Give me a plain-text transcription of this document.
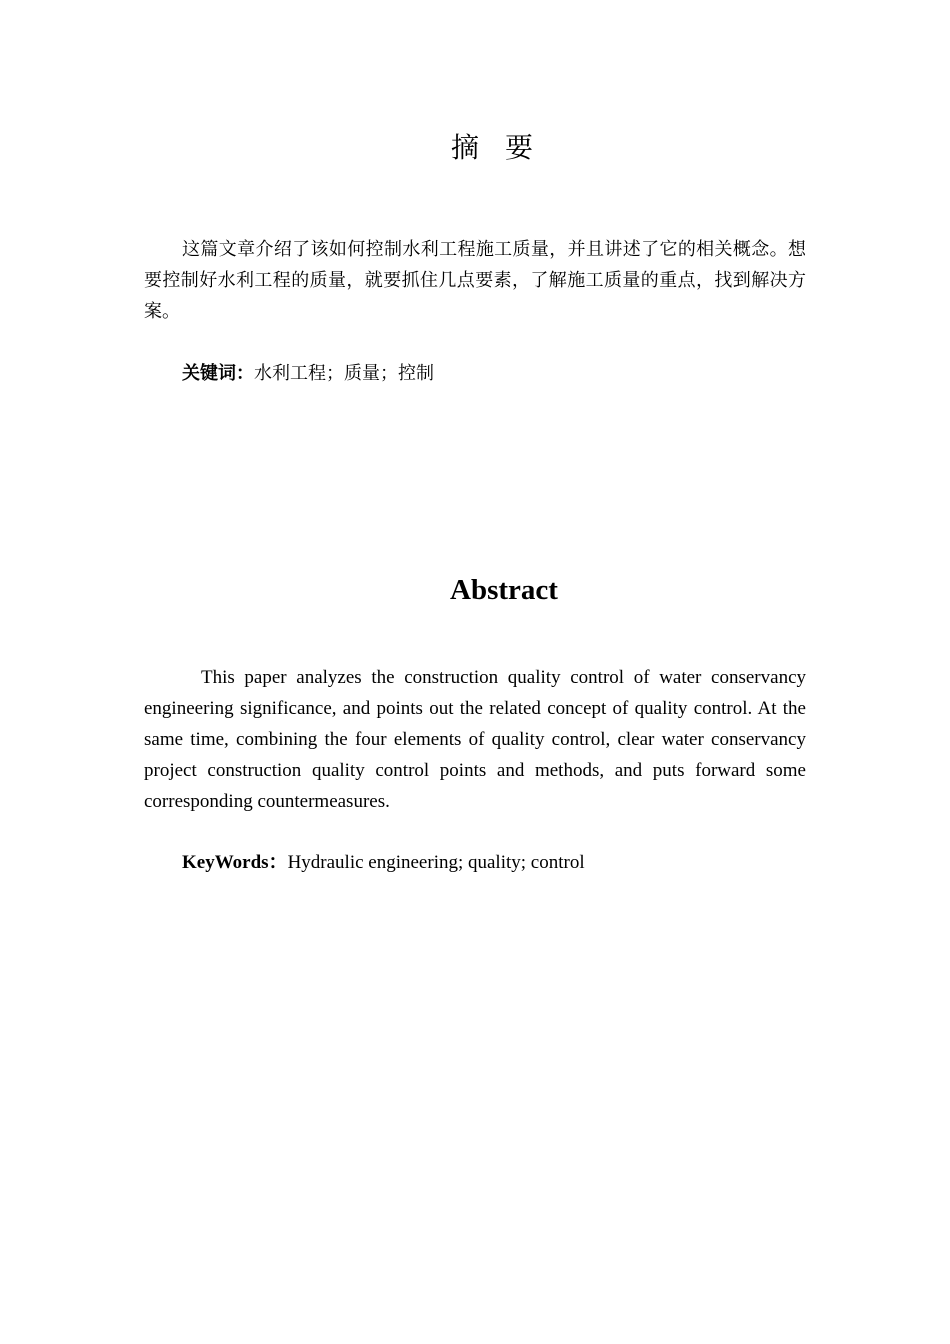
摘要

这篇文章介绍了该如何控制水利工程施工质量，并且讲述了它的相关概念。想要控制好水利工程的质量，就要抓住几点要素，了解施工质量的重点，找到解决方案。

关键词：水利工程；质量；控制

Abstract

This paper analyzes the construction quality control of water conservancy engineering significance, and points out the related concept of quality control. At the same time, combining the four elements of quality control, clear water conservancy project construction quality control points and methods, and puts forward some corresponding countermeasures.

KeyWords：Hydraulic engineering; quality; control
